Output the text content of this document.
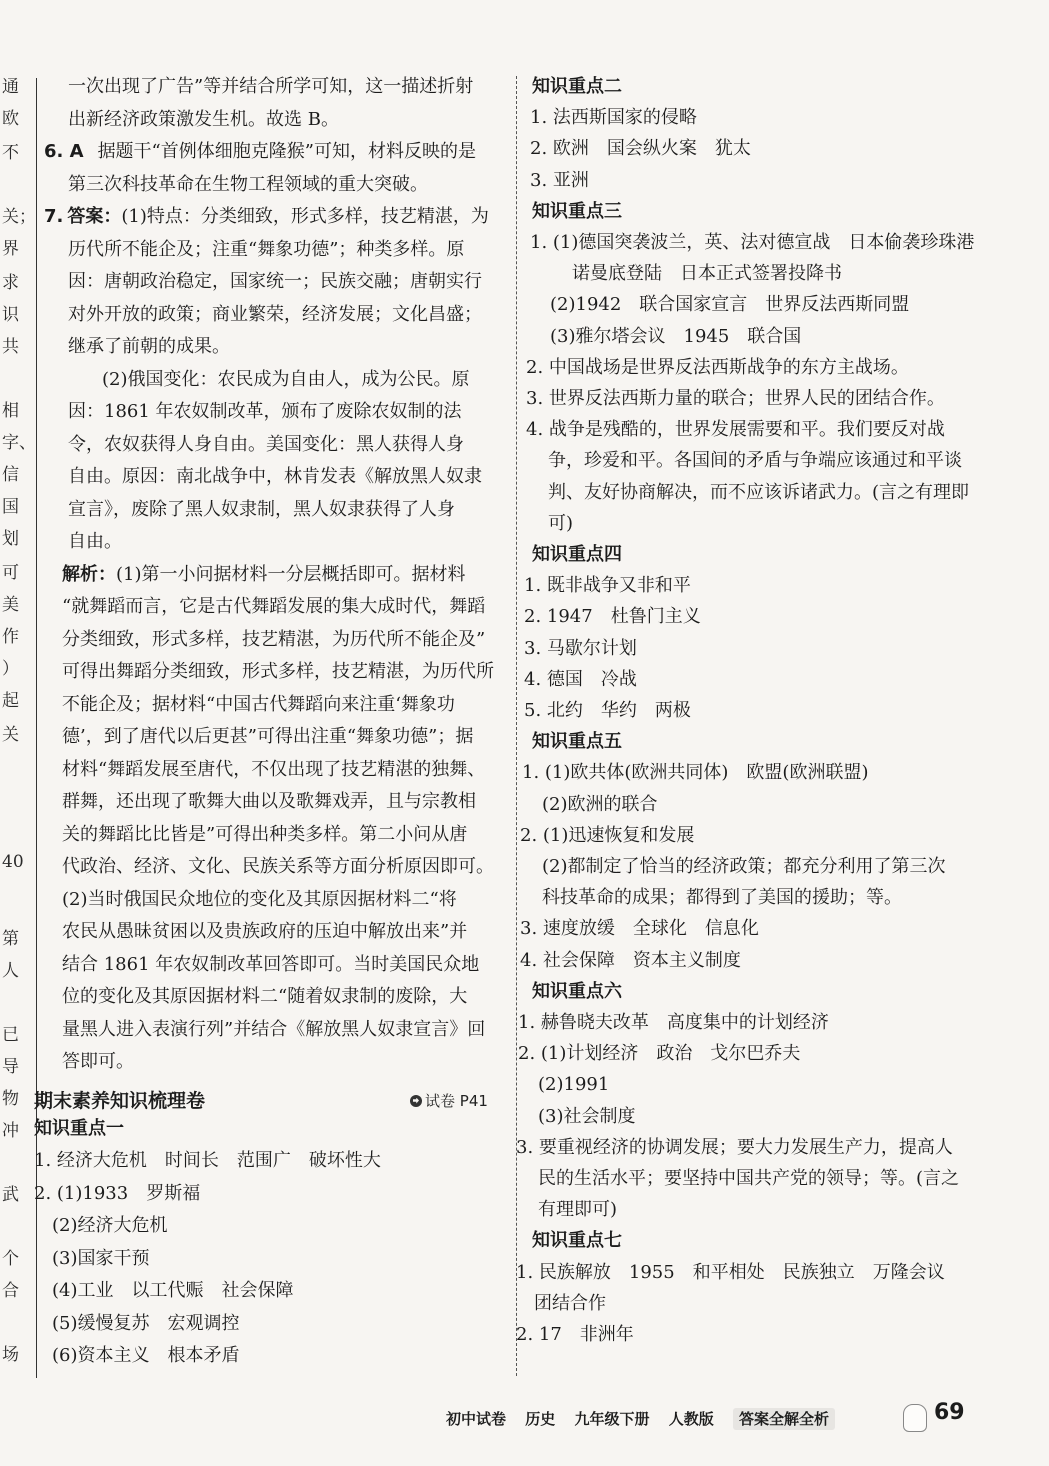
通
欧
不
关；
界
求
识
共
相
字、
信
国
划
可
美
作
）
起
关
40
第
人
已
导
物
冲
武
个
合
场
一次出现了广告”等并结合所学可知，这一描述折射
出新经济政策激发生机。故选 B。
6. A 据题干“首例体细胞克隆猴”可知，材料反映的是
第三次科技革命在生物工程领域的重大突破。
7. 答案：(1)特点：分类细致，形式多样，技艺精湛，为
历代所不能企及；注重“舞象功德”；种类多样。原
因：唐朝政治稳定，国家统一；民族交融；唐朝实行
对外开放的政策；商业繁荣，经济发展；文化昌盛；
继承了前朝的成果。
(2)俄国变化：农民成为自由人，成为公民。原
因：1861 年农奴制改革，颁布了废除农奴制的法
令，农奴获得人身自由。美国变化：黑人获得人身
自由。原因：南北战争中，林肯发表《解放黑人奴隶
宣言》，废除了黑人奴隶制，黑人奴隶获得了人身
自由。
解析：(1)第一小问据材料一分层概括即可。据材料
“就舞蹈而言，它是古代舞蹈发展的集大成时代，舞蹈
分类细致，形式多样，技艺精湛，为历代所不能企及”
可得出舞蹈分类细致，形式多样，技艺精湛，为历代所
不能企及；据材料“中国古代舞蹈向来注重‘舞象功
德’，到了唐代以后更甚”可得出注重“舞象功德”；据
材料“舞蹈发展至唐代，不仅出现了技艺精湛的独舞、
群舞，还出现了歌舞大曲以及歌舞戏弄，且与宗教相
关的舞蹈比比皆是”可得出种类多样。第二小问从唐
代政治、经济、文化、民族关系等方面分析原因即可。
(2)当时俄国民众地位的变化及其原因据材料二“将
农民从愚昧贫困以及贵族政府的压迫中解放出来”并
结合 1861 年农奴制改革回答即可。当时美国民众地
位的变化及其原因据材料二“随着奴隶制的废除，大
量黑人进入表演行列”并结合《解放黑人奴隶宣言》回
答即可。
期末素养知识梳理卷	试卷 P41
知识重点一
1. 经济大危机　时间长　范围广　破坏性大
2. (1)1933　罗斯福
(2)经济大危机
(3)国家干预
(4)工业　以工代赈　社会保障
(5)缓慢复苏　宏观调控
(6)资本主义　根本矛盾
知识重点二
1. 法西斯国家的侵略
2. 欧洲　国会纵火案　犹太
3. 亚洲
知识重点三
1. (1)德国突袭波兰，英、法对德宣战　日本偷袭珍珠港
诺曼底登陆　日本正式签署投降书
(2)1942　联合国家宣言　世界反法西斯同盟
(3)雅尔塔会议　1945　联合国
2. 中国战场是世界反法西斯战争的东方主战场。
3. 世界反法西斯力量的联合；世界人民的团结合作。
4. 战争是残酷的，世界发展需要和平。我们要反对战
争，珍爱和平。各国间的矛盾与争端应该通过和平谈
判、友好协商解决，而不应该诉诸武力。(言之有理即
可)
知识重点四
1. 既非战争又非和平
2. 1947　杜鲁门主义
3. 马歇尔计划
4. 德国　冷战
5. 北约　华约　两极
知识重点五
1. (1)欧共体(欧洲共同体)　欧盟(欧洲联盟)
(2)欧洲的联合
2. (1)迅速恢复和发展
(2)都制定了恰当的经济政策；都充分利用了第三次
科技革命的成果；都得到了美国的援助；等。
3. 速度放缓　全球化　信息化
4. 社会保障　资本主义制度
知识重点六
1. 赫鲁晓夫改革　高度集中的计划经济
2. (1)计划经济　政治　戈尔巴乔夫
(2)1991
(3)社会制度
3. 要重视经济的协调发展；要大力发展生产力，提高人
民的生活水平；要坚持中国共产党的领导；等。(言之
有理即可)
知识重点七
1. 民族解放　1955　和平相处　民族独立　万隆会议
团结合作
2. 17　非洲年
初中试卷 历史 九年级下册 人教版 答案全解全析	69
